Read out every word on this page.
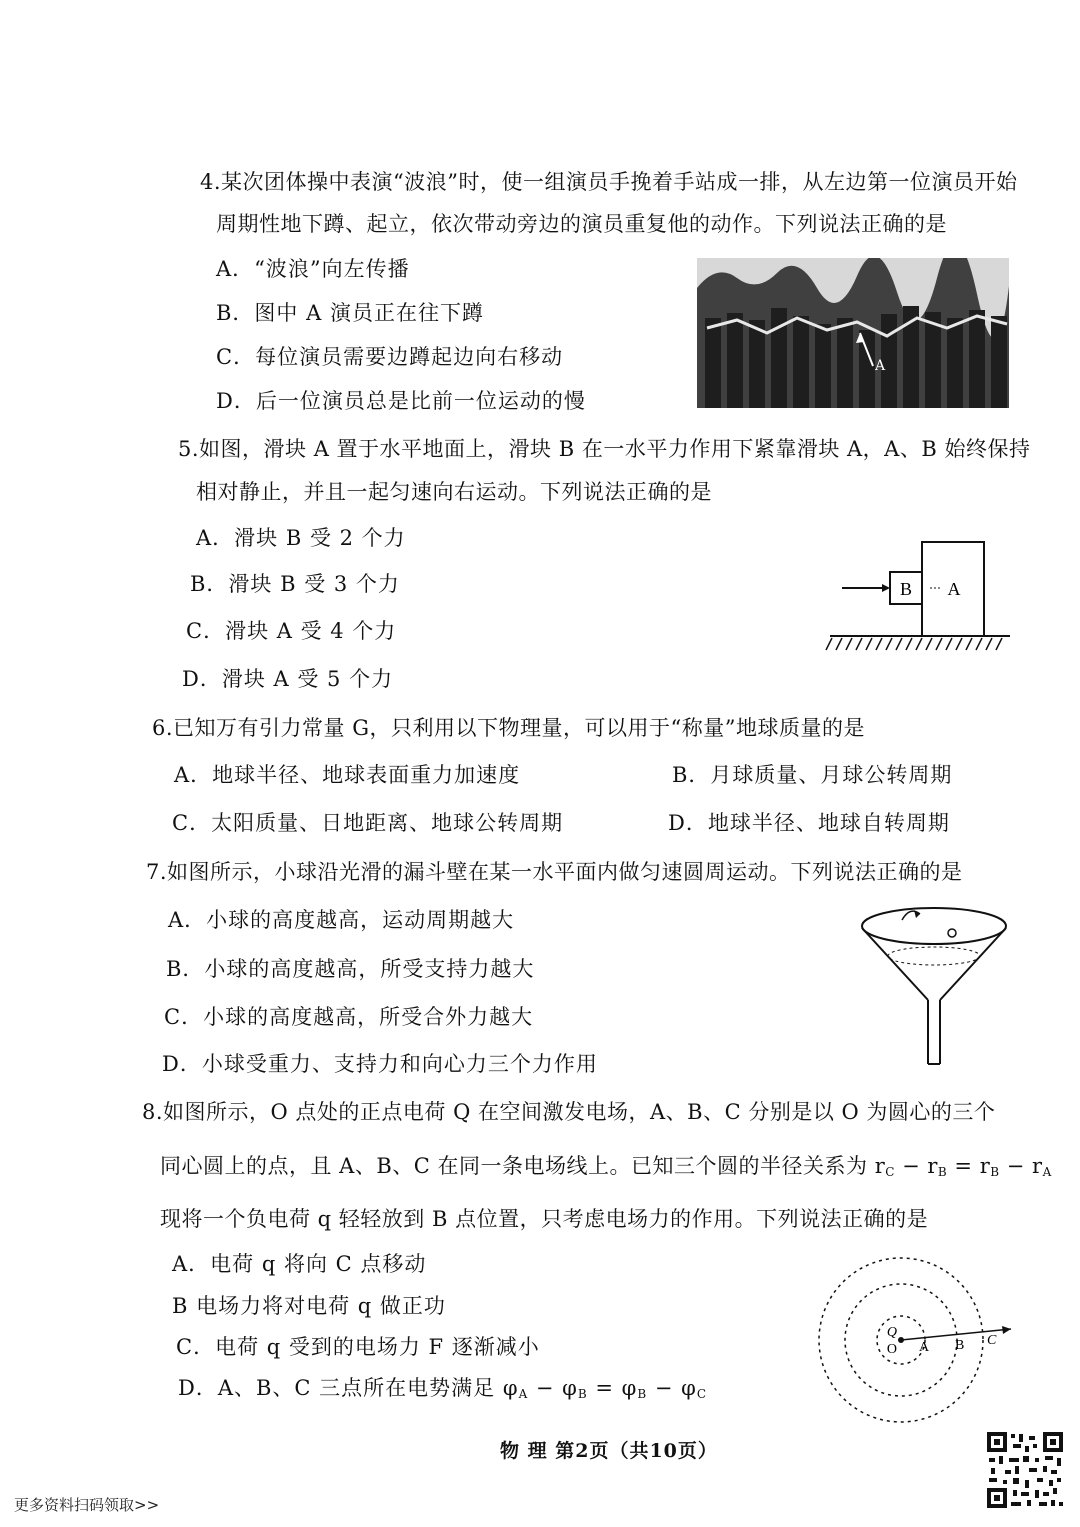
4.某次团体操中表演“波浪”时，使一组演员手挽着手站成一排，从左边第一位演员开始
周期性地下蹲、起立，依次带动旁边的演员重复他的动作。下列说法正确的是
A．“波浪”向左传播
B．图中 A 演员正在往下蹲
C．每位演员需要边蹲起边向右移动
D．后一位演员总是比前一位运动的慢
A
5.如图，滑块 A 置于水平地面上，滑块 B 在一水平力作用下紧靠滑块 A，A、B 始终保持
相对静止，并且一起匀速向右运动。下列说法正确的是
A．滑块 B 受 2 个力
B．滑块 B 受 3 个力
C．滑块 A 受 4 个力
D．滑块 A 受 5 个力
B A
6.已知万有引力常量 G，只利用以下物理量，可以用于“称量”地球质量的是
A．地球半径、地球表面重力加速度	B．月球质量、月球公转周期
C．太阳质量、日地距离、地球公转周期	D．地球半径、地球自转周期
7.如图所示，小球沿光滑的漏斗壁在某一水平面内做匀速圆周运动。下列说法正确的是
A．小球的高度越高，运动周期越大
B．小球的高度越高，所受支持力越大
C．小球的高度越高，所受合外力越大
D．小球受重力、支持力和向心力三个力作用
8.如图所示，O 点处的正点电荷 Q 在空间激发电场，A、B、C 分别是以 O 为圆心的三个
同心圆上的点，且 A、B、C 在同一条电场线上。已知三个圆的半径关系为 $r_C - r_B = r_B - r_A$
现将一个负电荷 q 轻轻放到 B 点位置，只考虑电场力的作用。下列说法正确的是
A．电荷 q 将向 C 点移动
B 电场力将对电荷 q 做正功
C．电荷 q 受到的电场力 F 逐渐减小
D．A、B、C 三点所在电势满足 $\varphi_A - \varphi_B = \varphi_B - \varphi_C$
Q
O A B C
物 理 第2页（共10页）
更多资料扫码领取>>
